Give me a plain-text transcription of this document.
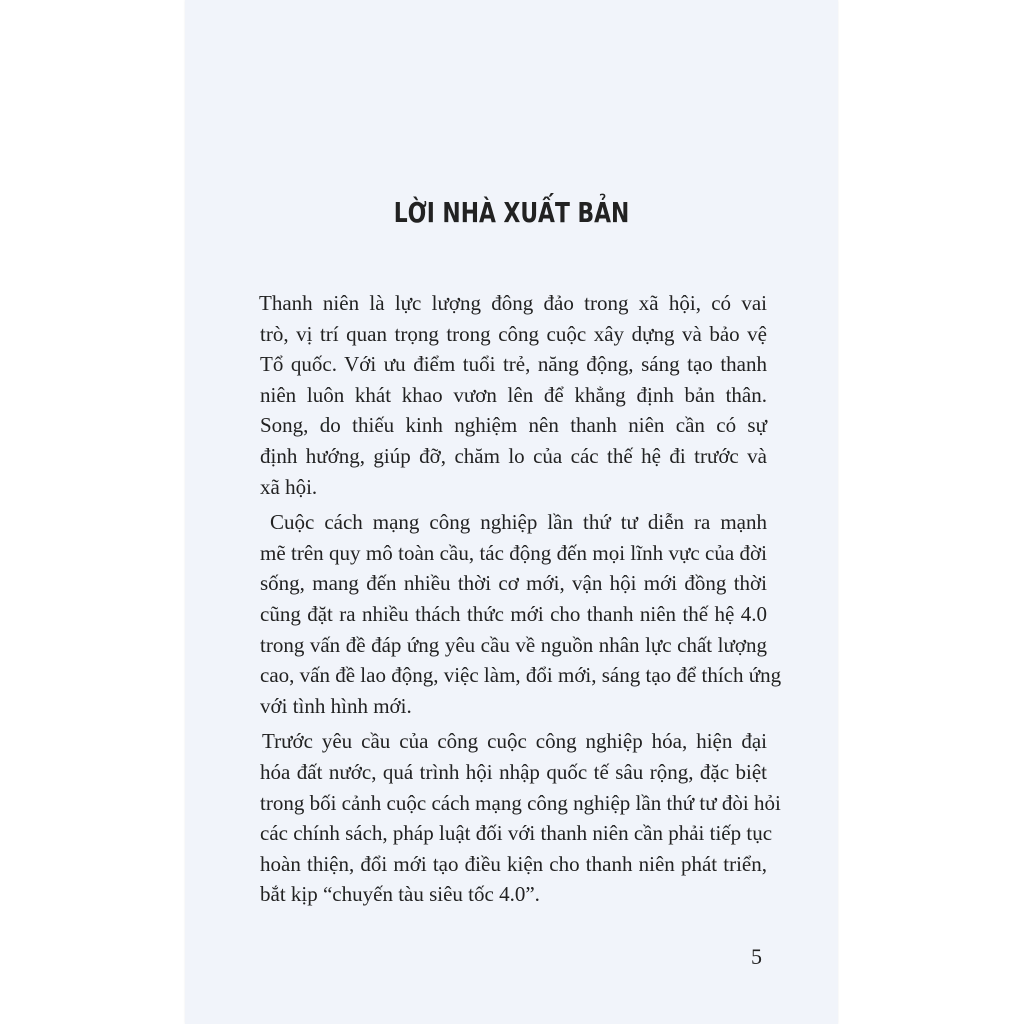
LỜI NHÀ XUẤT BẢN
Thanh niên là lực lượng đông đảo trong xã hội, có vai
trò, vị trí quan trọng trong công cuộc xây dựng và bảo vệ
Tổ quốc. Với ưu điểm tuổi trẻ, năng động, sáng tạo thanh
niên luôn khát khao vươn lên để khẳng định bản thân.
Song, do thiếu kinh nghiệm nên thanh niên cần có sự
định hướng, giúp đỡ, chăm lo của các thế hệ đi trước và
xã hội.
Cuộc cách mạng công nghiệp lần thứ tư diễn ra mạnh
mẽ trên quy mô toàn cầu, tác động đến mọi lĩnh vực của đời
sống, mang đến nhiều thời cơ mới, vận hội mới đồng thời
cũng đặt ra nhiều thách thức mới cho thanh niên thế hệ 4.0
trong vấn đề đáp ứng yêu cầu về nguồn nhân lực chất lượng
cao, vấn đề lao động, việc làm, đổi mới, sáng tạo để thích ứng
với tình hình mới.
Trước yêu cầu của công cuộc công nghiệp hóa, hiện đại
hóa đất nước, quá trình hội nhập quốc tế sâu rộng, đặc biệt
trong bối cảnh cuộc cách mạng công nghiệp lần thứ tư đòi hỏi
các chính sách, pháp luật đối với thanh niên cần phải tiếp tục
hoàn thiện, đổi mới tạo điều kiện cho thanh niên phát triển,
bắt kịp “chuyến tàu siêu tốc 4.0”.
5
